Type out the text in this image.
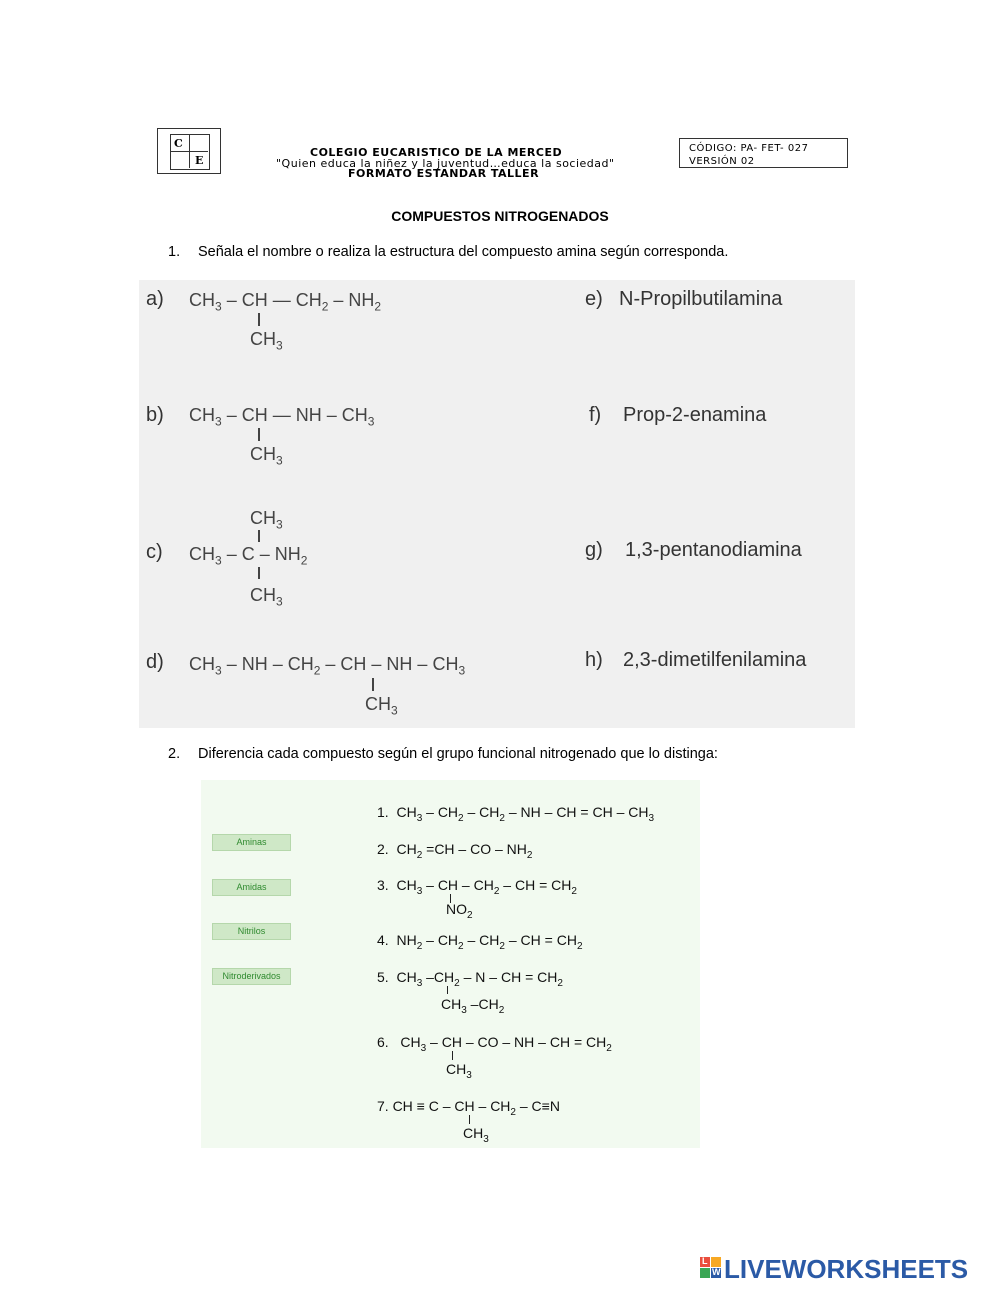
C
E
COLEGIO EUCARISTICO DE LA MERCED
"Quien educa la niñez y la juventud…educa la sociedad"
FORMATO ESTANDAR TALLER
CÓDIGO: PA- FET- 027
VERSIÓN 02
COMPUESTOS NITROGENADOS
1. Señala el nombre o realiza la estructura del compuesto amina según corresponda.
a)
b)
c)
d)
e)
f)
g)
h)
$CH_3$ – CH — $CH_2 - NH_2$
$CH_3$
$CH_3$ – CH — NH – $CH_3$
$CH_3$
$CH_3$
$CH_3$ – C – $NH_2$
$CH_3$
$CH_3$ – NH – $CH_2$ – CH – NH – $CH_3$
$CH_3$
N-Propilbutilamina
Prop-2-enamina
1,3-pentanodiamina
2,3-dimetilfenilamina
2. Diferencia cada compuesto según el grupo funcional nitrogenado que lo distinga:
Aminas
Amidas
Nitrilos
Nitroderivados
1.  $CH_3 - CH_2 - CH_2$ – NH – CH = CH – $CH_3$
2.  $CH_2 =CH$ – CO – $NH_2$
3.  $CH_3$ – CH – $CH_2$ – CH = $CH_2$
$NO_2$
4.  $NH_2 - CH_2 - CH_2$ – CH = $CH_2$
5.  $CH_3$ $-CH_2$ – N – CH = $CH_2$
$CH_3$ $-CH_2$
6.   $CH_3$ – CH – CO – NH – CH = $CH_2$
$CH_3$
7. CH ≡ C – CH – $CH_2 - C\equiv N$
$CH_3$
L
W LIVEWORKSHEETS
